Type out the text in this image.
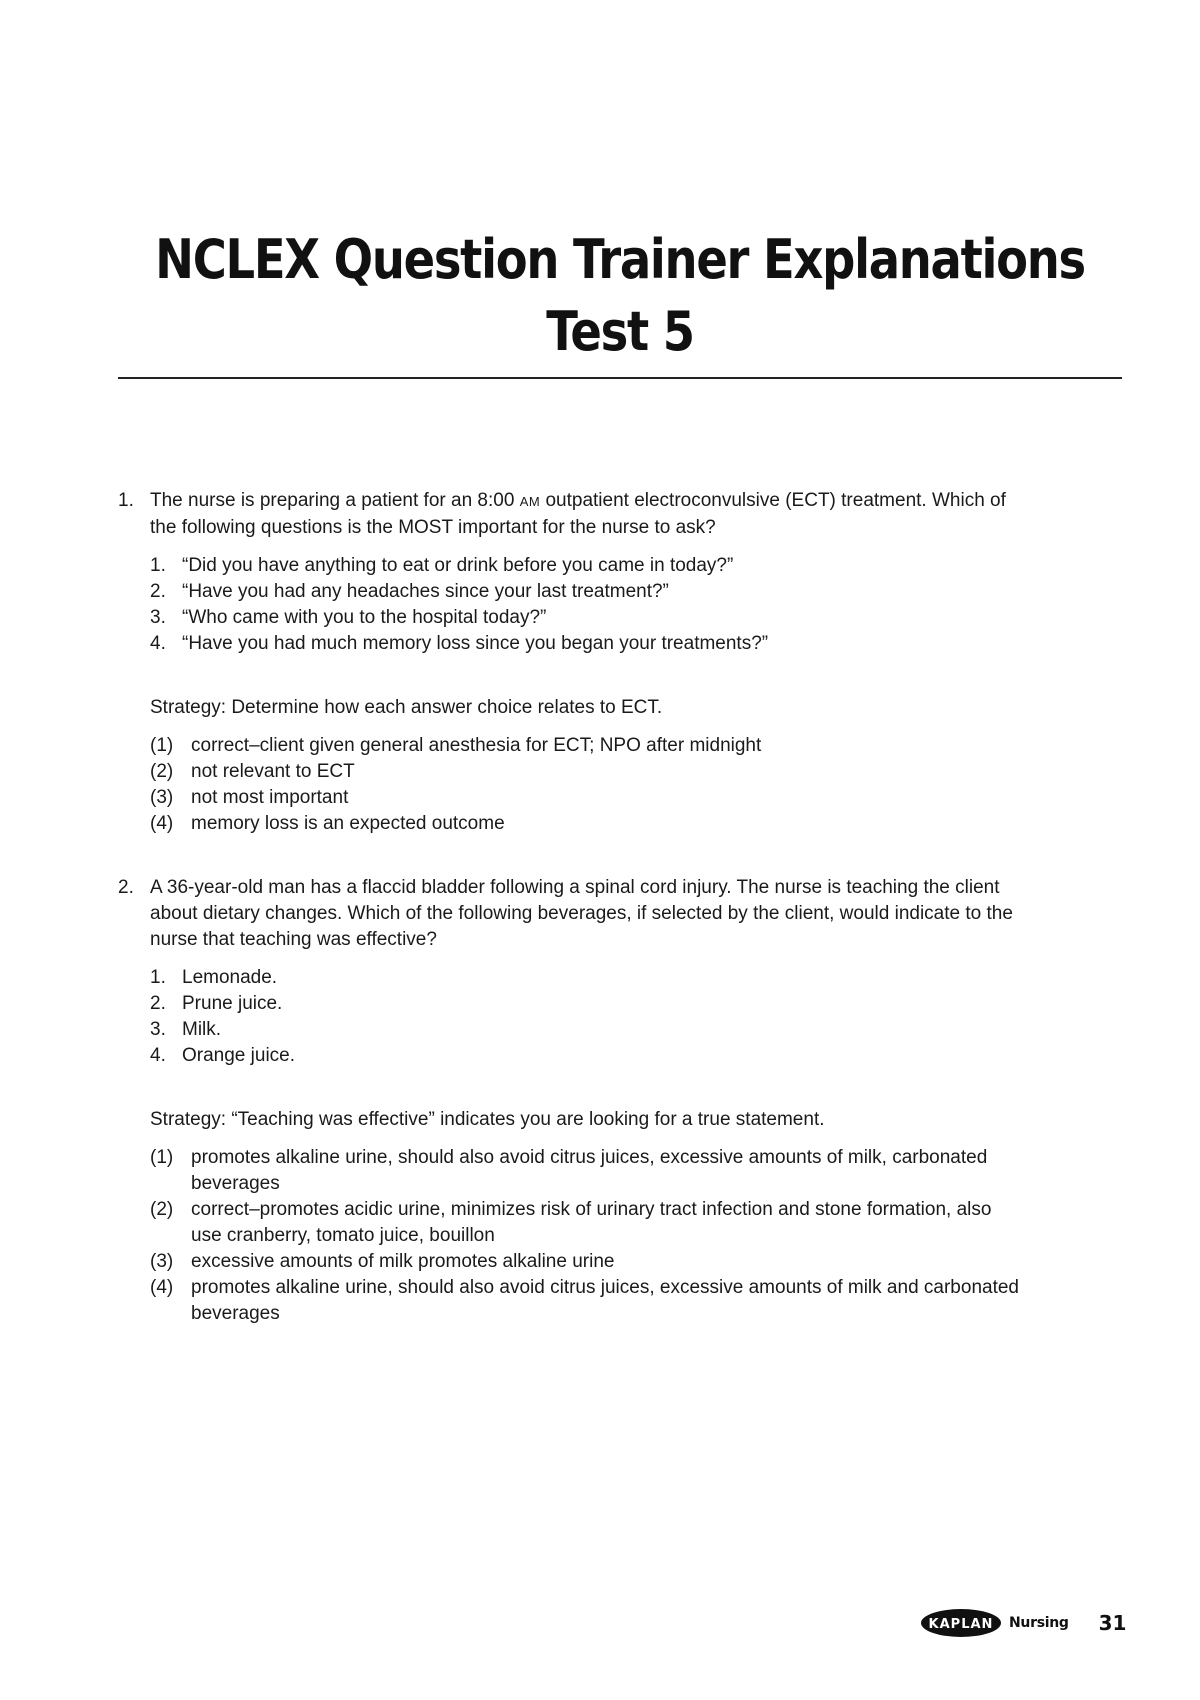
NCLEX Question Trainer Explanations
Test 5
1. The nurse is preparing a patient for an 8:00 AM outpatient electroconvulsive (ECT) treatment. Which of the following questions is the MOST important for the nurse to ask?
1. “Did you have anything to eat or drink before you came in today?”
2. “Have you had any headaches since your last treatment?”
3. “Who came with you to the hospital today?”
4. “Have you had much memory loss since you began your treatments?”
Strategy: Determine how each answer choice relates to ECT.
(1) correct–client given general anesthesia for ECT; NPO after midnight
(2) not relevant to ECT
(3) not most important
(4) memory loss is an expected outcome
2. A 36-year-old man has a flaccid bladder following a spinal cord injury. The nurse is teaching the client about dietary changes. Which of the following beverages, if selected by the client, would indicate to the nurse that teaching was effective?
1. Lemonade.
2. Prune juice.
3. Milk.
4. Orange juice.
Strategy: “Teaching was effective” indicates you are looking for a true statement.
(1) promotes alkaline urine, should also avoid citrus juices, excessive amounts of milk, carbonated beverages
(2) correct–promotes acidic urine, minimizes risk of urinary tract infection and stone formation, also use cranberry, tomato juice, bouillon
(3) excessive amounts of milk promotes alkaline urine
(4) promotes alkaline urine, should also avoid citrus juices, excessive amounts of milk and carbonated beverages
KAPLAN Nursing 31
